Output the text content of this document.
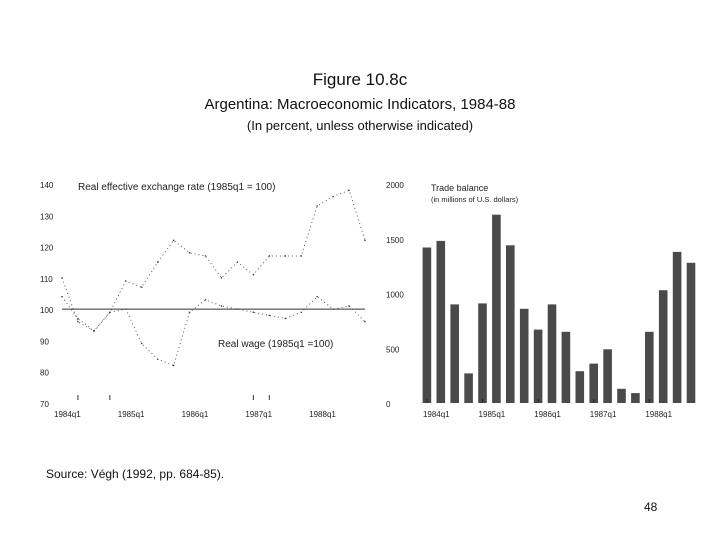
Figure 10.8c
Argentina: Macroeconomic Indicators, 1984-88
(In percent, unless otherwise indicated)
70
80
90
100
110
120
130
140
1984q1	1985q1	1986q1	1987q1	1988q1
Real effective exchange rate (1985q1 = 100)
Real wage (1985q1 =100)
0
500
1000
1500
2000
1984q1	1985q1	1986q1	1987q1	1988q1
Trade balance
(in millions of U.S. dollars)
Source: Végh (1992, pp. 684-85).
48
